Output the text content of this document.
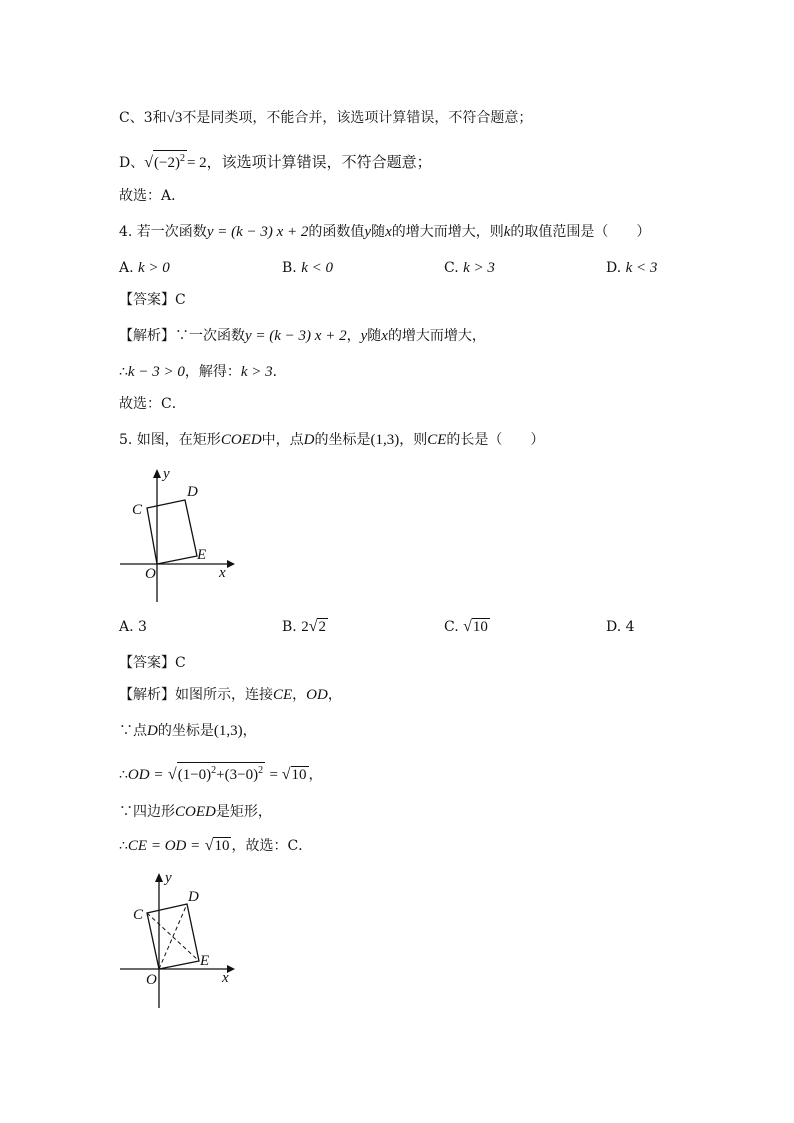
C、3和√3不是同类项，不能合并，该选项计算错误，不符合题意；
D、$√(-2)^2 = 2$，该选项计算错误，不符合题意；
故选：A．
4. 若一次函数y = (k − 3) x + 2的函数值y随x的增大而增大，则k的取值范围是（　　）
A. k > 0	B. k < 0	C. k > 3	D. k < 3
【答案】C
【解析】∵一次函数y = (k − 3) x + 2，y随x的增大而增大，
∴k − 3 > 0，解得：k > 3．
故选：C．
5. 如图，在矩形COED中，点D的坐标是(1,3)，则CE的长是（　　）
y
x
O
C
D
E
A. 3	B. 2√2	C. √10	D. 4
【答案】C
【解析】如图所示，连接CE，OD，
∵点D的坐标是(1,3)，
∴OD = $√(1-0)^2+(3-0)^2 = √10$ ，
∵四边形COED是矩形，
∴CE = OD = √10 ，故选：C．
y
x
O
C
D
E
